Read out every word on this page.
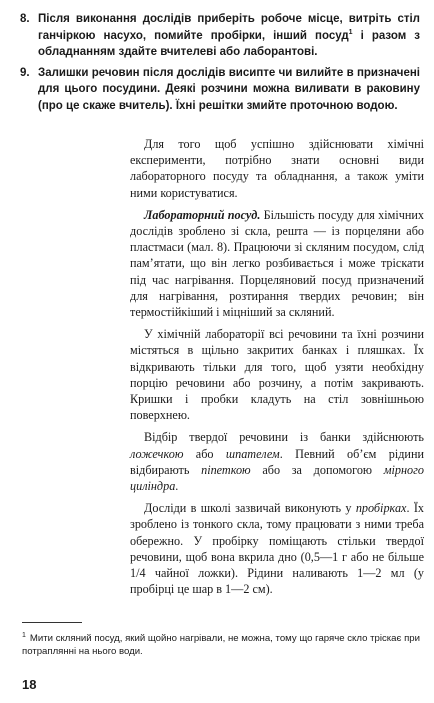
8. Після виконання дослідів приберіть робоче місце, витріть стіл ганчіркою насухо, помийте пробірки, інший посуд$^1$ і разом з обладнанням здайте вчителеві або лаборантові.
9. Залишки речовин після дослідів висипте чи вилийте в призначені для цього посудини. Деякі розчини можна виливати в раковину (про це скаже вчитель). Їхні решітки змийте проточною водою.

Для того щоб успішно здійснювати хімічні експерименти, потрібно знати основні види лабораторного посуду та обладнання, а також уміти ними користуватися.

Лабораторний посуд. Більшість посуду для хімічних дослідів зроблено зі скла, решта — із порцеляни або пластмаси (мал. 8). Працюючи зі скляним посудом, слід пам’ятати, що він легко розбивається і може тріскати під час нагрівання. Порцеляновий посуд призначений для нагрівання, розтирання твердих речовин; він термостійкіший і міцніший за скляний.

У хімічній лабораторії всі речовини та їхні розчини містяться в щільно закритих банках і пляшках. Їх відкривають тільки для того, щоб узяти необхідну порцію речовини або розчину, а потім закривають. Кришки і пробки кладуть на стіл зовнішньою поверхнею.

Відбір твердої речовини із банки здійснюють ложечкою або шпателем. Певний об’єм рідини відбирають піпеткою або за допомогою мірного циліндра.

Досліди в школі зазвичай виконують у пробірках. Їх зроблено із тонкого скла, тому працювати з ними треба обережно. У пробірку поміщають стільки твердої речовини, щоб вона вкрила дно (0,5—1 г або не більше 1/4 чайної ложки). Рідини наливають 1—2 мл (у пробірці це шар в 1—2 см).

$^1$ Мити скляний посуд, який щойно нагрівали, не можна, тому що гаряче скло тріскає при потраплянні на нього води.
18
